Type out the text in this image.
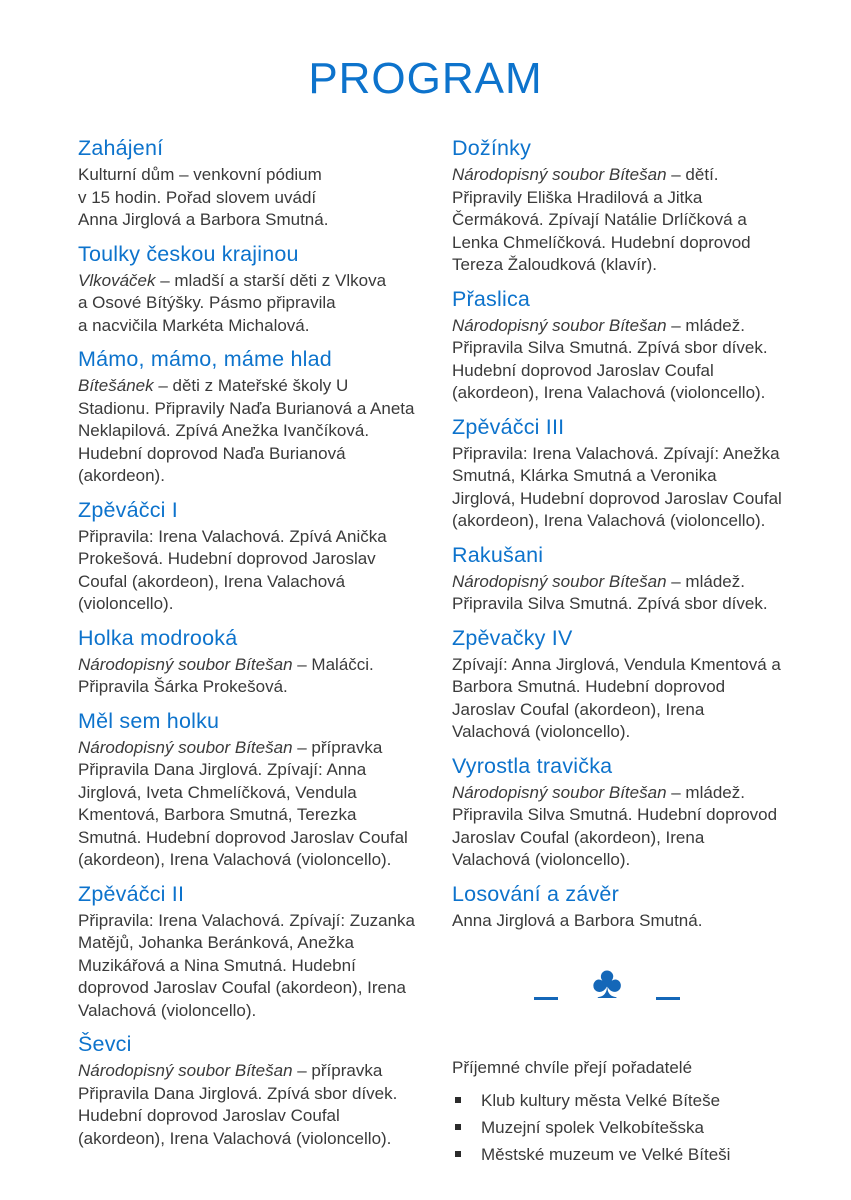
PROGRAM
Zahájení

Kulturní dům – venkovní pódium
v 15 hodin. Pořad slovem uvádí
Anna Jirglová a Barbora Smutná.

Toulky českou krajinou

Vlkováček – mladší a starší děti z Vlkova
a Osové Bítýšky. Pásmo připravila
a nacvičila Markéta Michalová.

Mámo, mámo, máme hlad

Bítešánek – děti z Mateřské školy U
Stadionu. Připravily Naďa Burianová a Aneta
Neklapilová. Zpívá Anežka Ivančíková.
Hudební doprovod Naďa Burianová
(akordeon).

Zpěváčci I

Připravila: Irena Valachová. Zpívá Anička
Prokešová. Hudební doprovod Jaroslav
Coufal (akordeon), Irena Valachová
(violoncello).

Holka modrooká

Národopisný soubor Bítešan – Maláčci.
Připravila Šárka Prokešová.

Měl sem holku

Národopisný soubor Bítešan – přípravka
Připravila Dana Jirglová. Zpívají: Anna
Jirglová, Iveta Chmelíčková, Vendula
Kmentová, Barbora Smutná, Terezka
Smutná. Hudební doprovod Jaroslav Coufal
(akordeon), Irena Valachová (violoncello).

Zpěváčci II

Připravila: Irena Valachová. Zpívají: Zuzanka
Matějů, Johanka Beránková, Anežka
Muzikářová a Nina Smutná. Hudební
doprovod Jaroslav Coufal (akordeon), Irena
Valachová (violoncello).

Ševci

Národopisný soubor Bítešan – přípravka
Připravila Dana Jirglová. Zpívá sbor dívek.
Hudební doprovod Jaroslav Coufal
(akordeon), Irena Valachová (violoncello).

Dožínky

Národopisný soubor Bítešan – dětí.
Připravily Eliška Hradilová a Jitka
Čermáková. Zpívají Natálie Drlíčková a
Lenka Chmelíčková. Hudební doprovod
Tereza Žaloudková (klavír).

Přaslica

Národopisný soubor Bítešan – mládež.
Připravila Silva Smutná. Zpívá sbor dívek.
Hudební doprovod Jaroslav Coufal
(akordeon), Irena Valachová (violoncello).

Zpěváčci III

Připravila: Irena Valachová. Zpívají: Anežka
Smutná, Klárka Smutná a Veronika
Jirglová, Hudební doprovod Jaroslav Coufal
(akordeon), Irena Valachová (violoncello).

Rakušani

Národopisný soubor Bítešan – mládež.
Připravila Silva Smutná. Zpívá sbor dívek.

Zpěvačky IV

Zpívají: Anna Jirglová, Vendula Kmentová a
Barbora Smutná. Hudební doprovod
Jaroslav Coufal (akordeon), Irena
Valachová (violoncello).

Vyrostla travička

Národopisný soubor Bítešan – mládež.
Připravila Silva Smutná. Hudební doprovod
Jaroslav Coufal (akordeon), Irena
Valachová (violoncello).

Losování a závěr

Anna Jirglová a Barbora Smutná.

♣

Příjemné chvíle přejí pořadatelé

Klub kultury města Velké Bíteše
Muzejní spolek Velkobítešska
Městské muzeum ve Velké Bíteši
